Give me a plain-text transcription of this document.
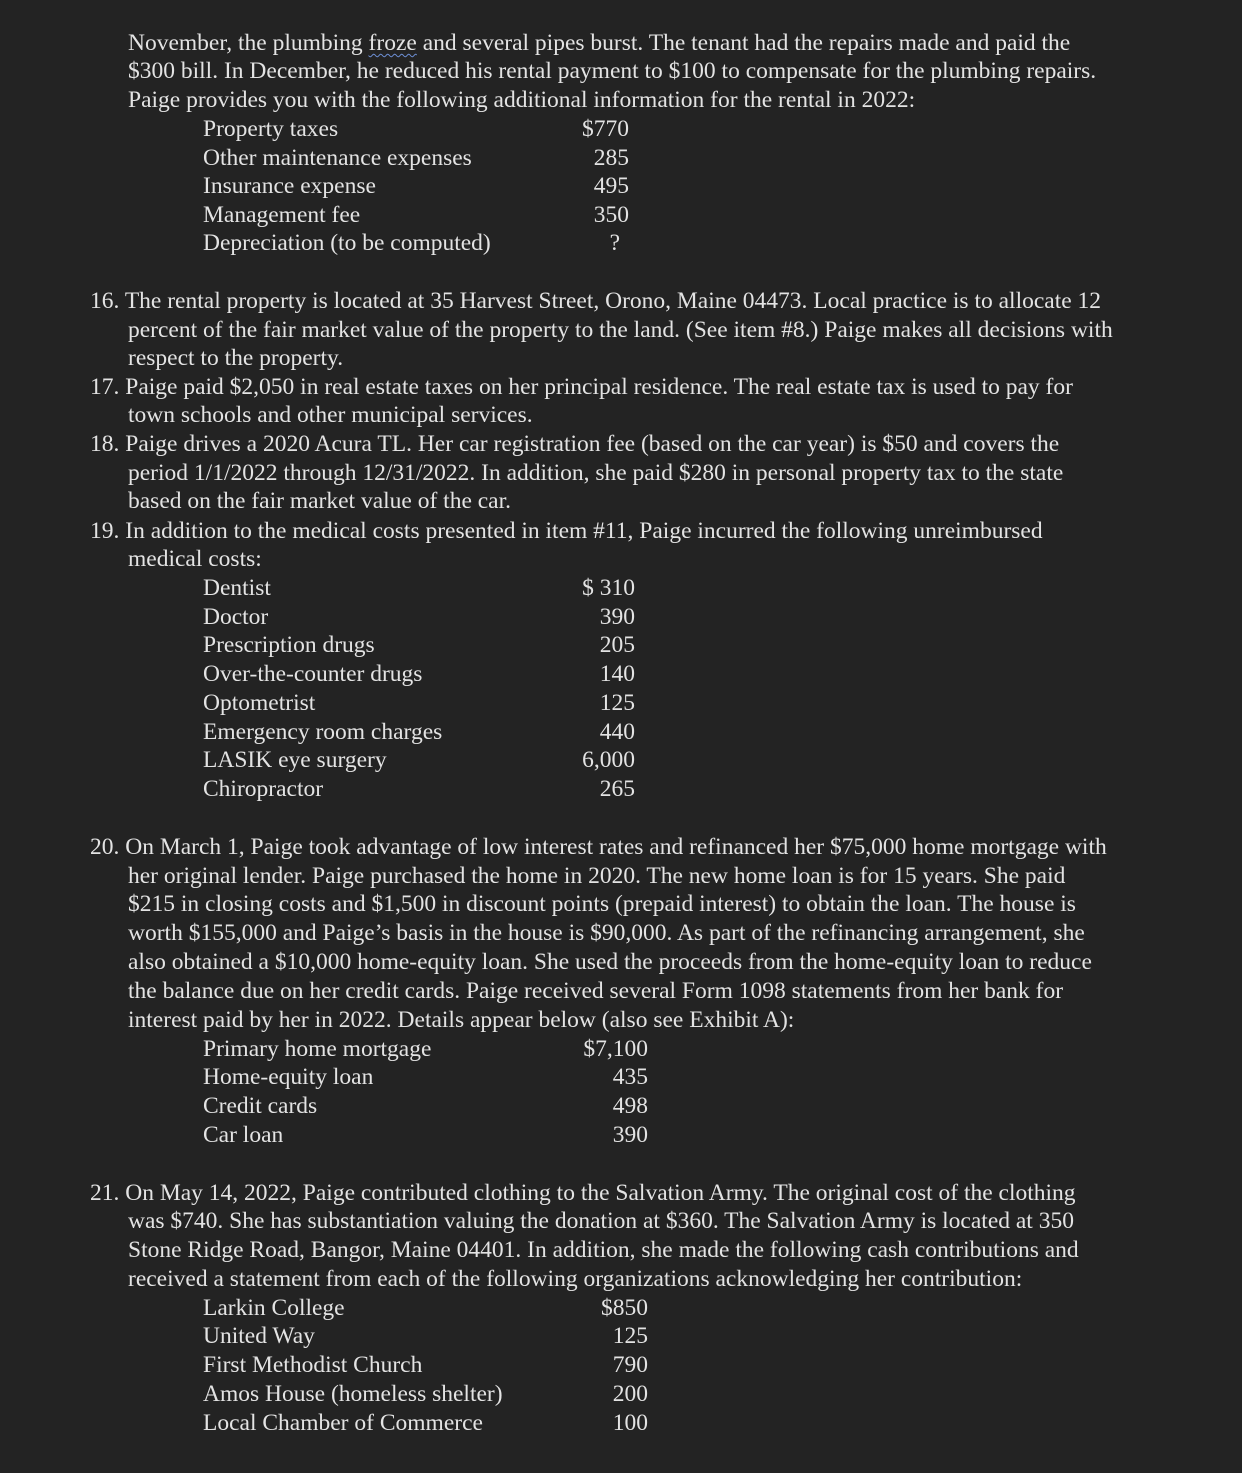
November, the plumbing froze and several pipes burst. The tenant had the repairs made and paid the
$300 bill. In December, he reduced his rental payment to $100 to compensate for the plumbing repairs.
Paige provides you with the following additional information for the rental in 2022:
Property taxes	$770
Other maintenance expenses	285
Insurance expense	495
Management fee	350
Depreciation (to be computed)	?
16. The rental property is located at 35 Harvest Street, Orono, Maine 04473. Local practice is to allocate 12
percent of the fair market value of the property to the land. (See item #8.) Paige makes all decisions with
respect to the property.
17. Paige paid $2,050 in real estate taxes on her principal residence. The real estate tax is used to pay for
town schools and other municipal services.
18. Paige drives a 2020 Acura TL. Her car registration fee (based on the car year) is $50 and covers the
period 1/1/2022 through 12/31/2022. In addition, she paid $280 in personal property tax to the state
based on the fair market value of the car.
19. In addition to the medical costs presented in item #11, Paige incurred the following unreimbursed
medical costs:
Dentist	$ 310
Doctor	390
Prescription drugs	205
Over-the-counter drugs	140
Optometrist	125
Emergency room charges	440
LASIK eye surgery	6,000
Chiropractor	265
20. On March 1, Paige took advantage of low interest rates and refinanced her $75,000 home mortgage with
her original lender. Paige purchased the home in 2020. The new home loan is for 15 years. She paid
$215 in closing costs and $1,500 in discount points (prepaid interest) to obtain the loan. The house is
worth $155,000 and Paige’s basis in the house is $90,000. As part of the refinancing arrangement, she
also obtained a $10,000 home-equity loan. She used the proceeds from the home-equity loan to reduce
the balance due on her credit cards. Paige received several Form 1098 statements from her bank for
interest paid by her in 2022. Details appear below (also see Exhibit A):
Primary home mortgage	$7,100
Home-equity loan	435
Credit cards	498
Car loan	390
21. On May 14, 2022, Paige contributed clothing to the Salvation Army. The original cost of the clothing
was $740. She has substantiation valuing the donation at $360. The Salvation Army is located at 350
Stone Ridge Road, Bangor, Maine 04401. In addition, she made the following cash contributions and
received a statement from each of the following organizations acknowledging her contribution:
Larkin College	$850
United Way	125
First Methodist Church	790
Amos House (homeless shelter)	200
Local Chamber of Commerce	100
